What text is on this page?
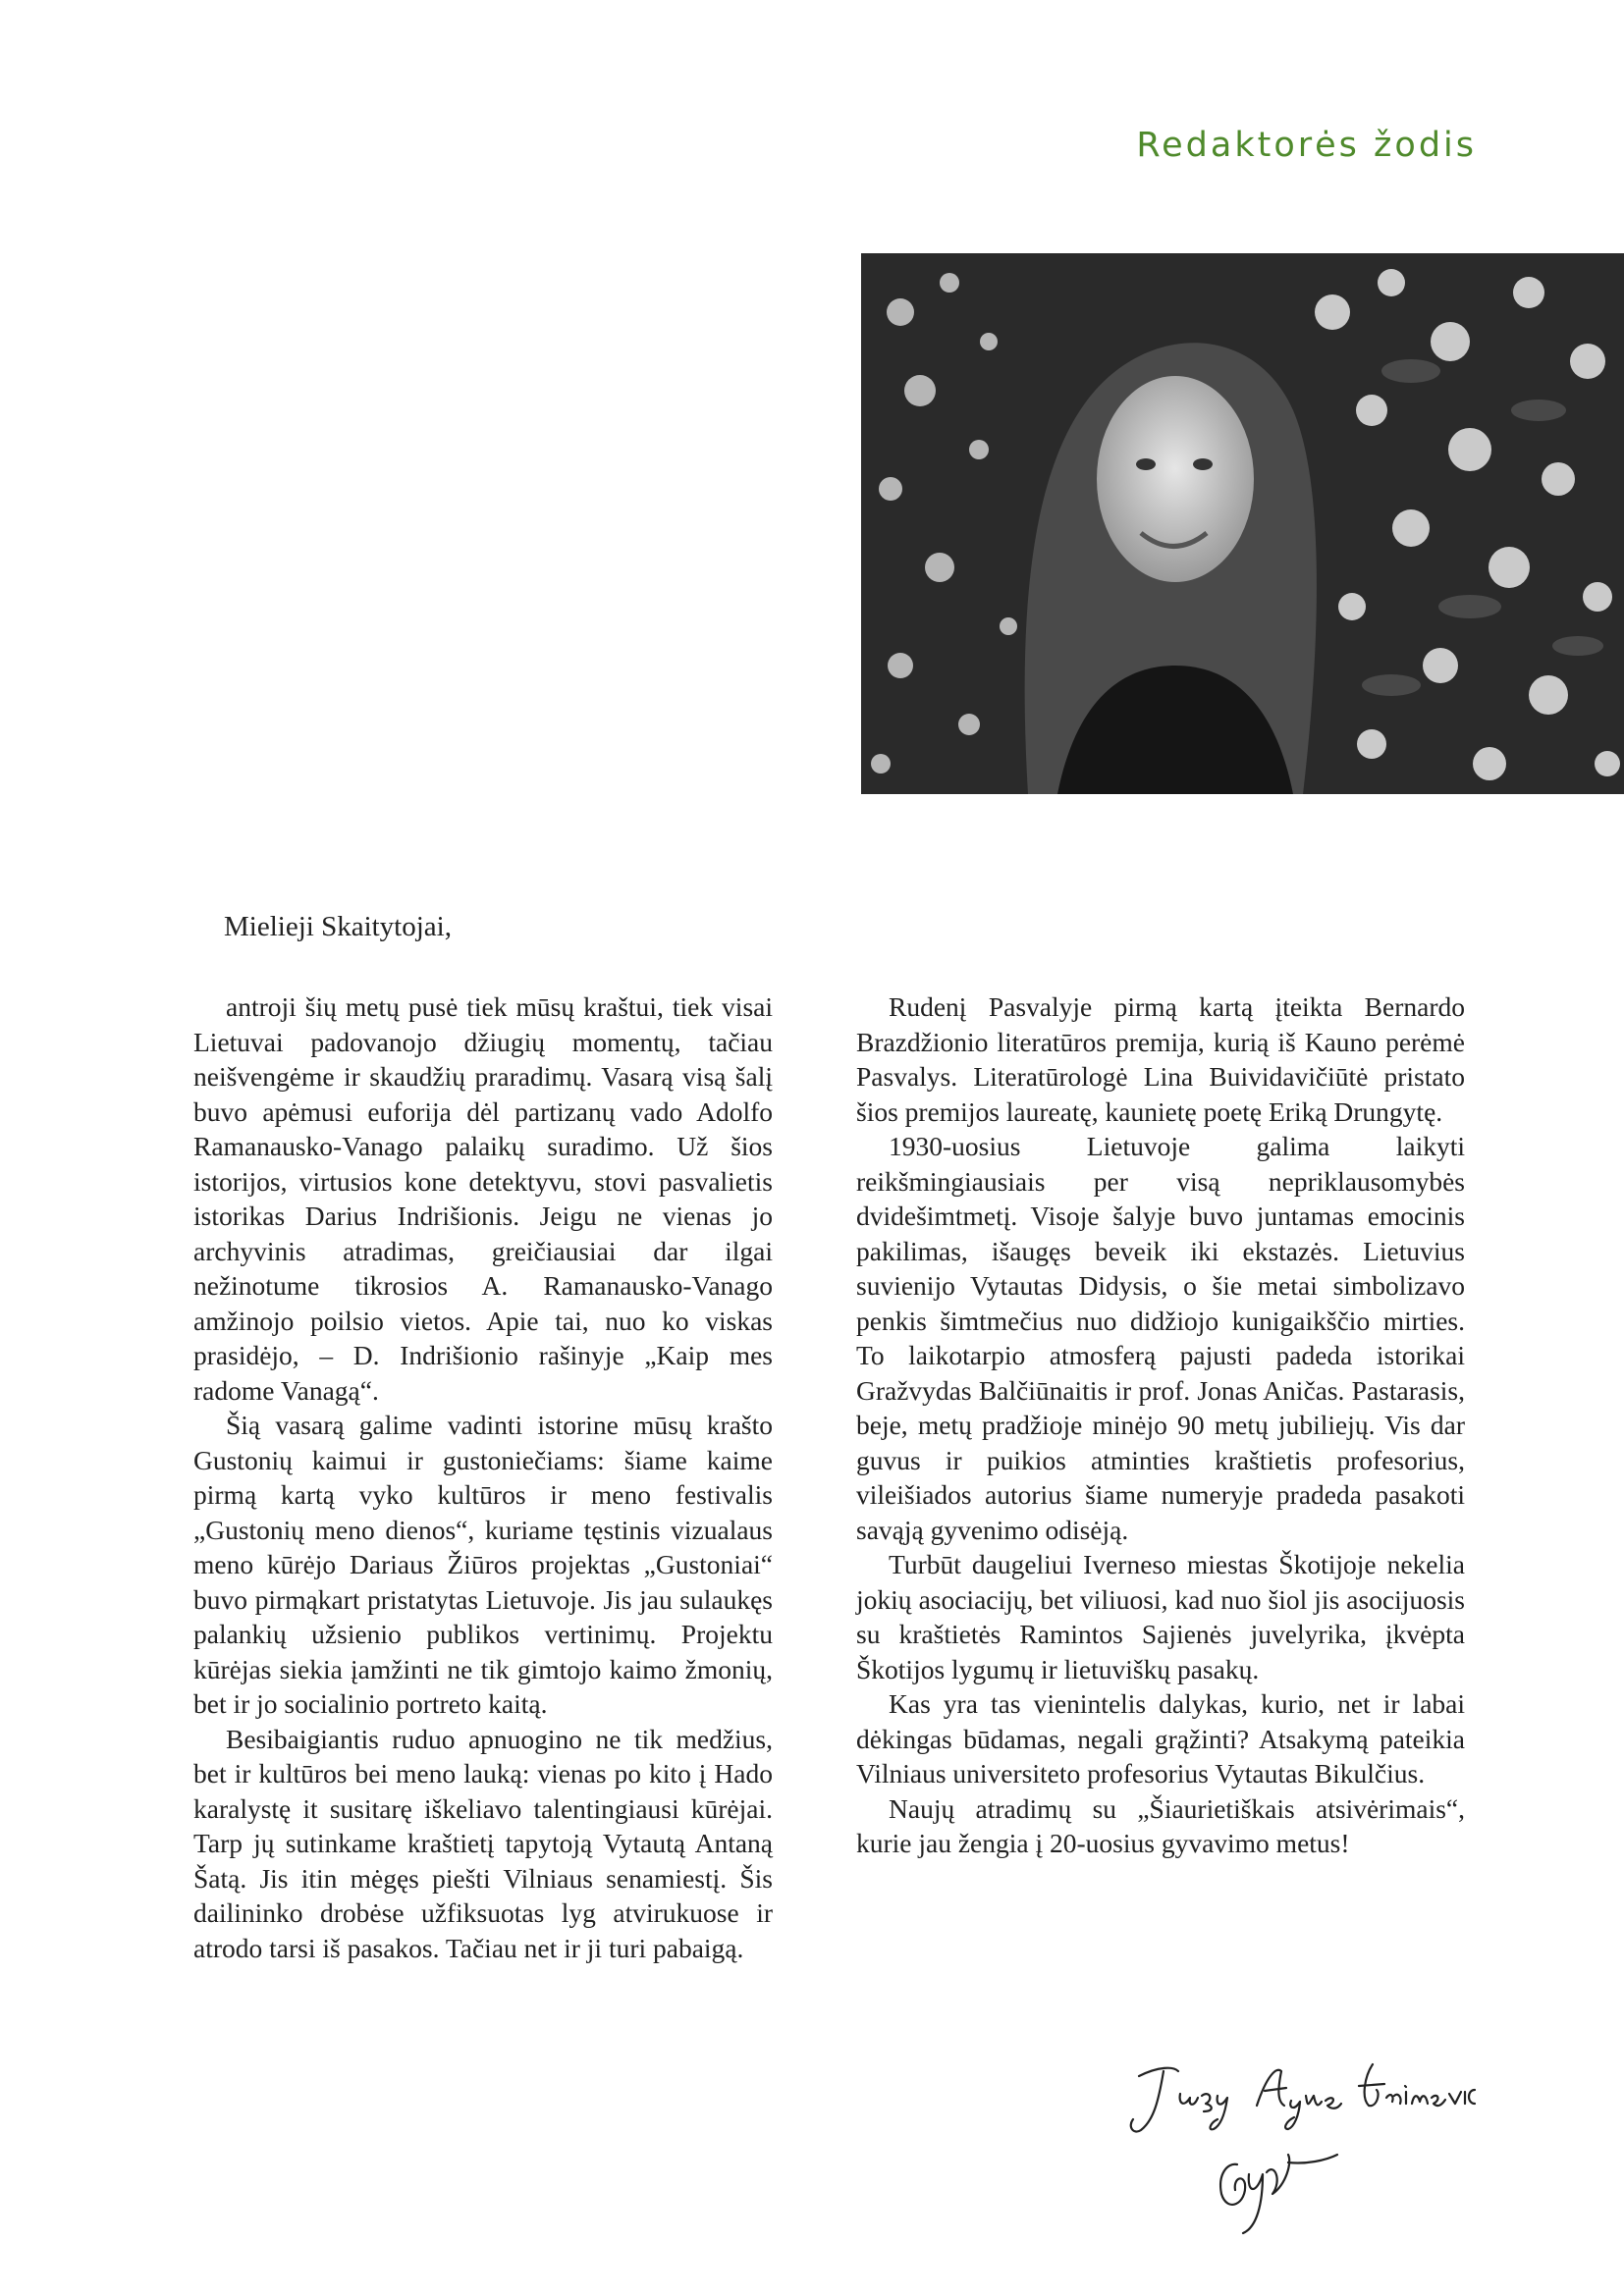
Redaktorės žodis

Mielieji Skaitytojai,

antroji šių metų pusė tiek mūsų kraštui, tiek visai Lietuvai padovanojo džiugių momentų, tačiau neišvengėme ir skaudžių praradimų. Vasarą visą šalį buvo apėmusi euforija dėl partizanų vado Adolfo Ramanausko-Vanago palaikų suradimo. Už šios istorijos, virtusios kone detektyvu, stovi pasvalietis istorikas Darius Indrišionis. Jeigu ne vienas jo archyvinis atradimas, greičiausiai dar ilgai nežinotume tikrosios A. Ramanausko-Vanago amžinojo poilsio vietos. Apie tai, nuo ko viskas prasidėjo, – D. Indrišionio rašinyje „Kaip mes radome Vanagą“.

Šią vasarą galime vadinti istorine mūsų krašto Gustonių kaimui ir gustoniečiams: šiame kaime pirmą kartą vyko kultūros ir meno festivalis „Gustonių meno dienos“, kuriame tęstinis vizualaus meno kūrėjo Dariaus Žiūros projektas „Gustoniai“ buvo pirmąkart pristatytas Lietuvoje. Jis jau sulaukęs palankių užsienio publikos vertinimų. Projektu kūrėjas siekia įamžinti ne tik gimtojo kaimo žmonių, bet ir jo socialinio portreto kaitą.

Besibaigiantis ruduo apnuogino ne tik medžius, bet ir kultūros bei meno lauką: vienas po kito į Hado karalystę it susitarę iškeliavo talentingiausi kūrėjai. Tarp jų sutinkame kraštietį tapytoją Vytautą Antaną Šatą. Jis itin mėgęs piešti Vilniaus senamiestį. Šis dailininko drobėse užfiksuotas lyg atvirukuose ir atrodo tarsi iš pasakos. Tačiau net ir ji turi pabaigą.

Rudenį Pasvalyje pirmą kartą įteikta Bernardo Brazdžionio literatūros premija, kurią iš Kauno perėmė Pasvalys. Literatūrologė Lina Buividavičiūtė pristato šios premijos laureatę, kaunietę poetę Eriką Drungytę.

1930-uosius Lietuvoje galima laikyti reikšmingiausiais per visą nepriklausomybės dvidešimtmetį. Visoje šalyje buvo juntamas emocinis pakilimas, išaugęs beveik iki ekstazės. Lietuvius suvienijo Vytautas Didysis, o šie metai simbolizavo penkis šimtmečius nuo didžiojo kunigaikščio mirties. To laikotarpio atmosferą pajusti padeda istorikai Gražvydas Balčiūnaitis ir prof. Jonas Aničas. Pastarasis, beje, metų pradžioje minėjo 90 metų jubiliejų. Vis dar guvus ir puikios atminties kraštietis profesorius, vileišiados autorius šiame numeryje pradeda pasakoti savąją gyvenimo odisėją.

Turbūt daugeliui Iverneso miestas Škotijoje nekelia jokių asociacijų, bet viliuosi, kad nuo šiol jis asocijuosis su kraštietės Ramintos Sajienės juvelyrika, įkvėpta Škotijos lygumų ir lietuviškų pasakų.

Kas yra tas vienintelis dalykas, kurio, net ir labai dėkingas būdamas, negali grąžinti? Atsakymą pateikia Vilniaus universiteto profesorius Vytautas Bikulčius.

Naujų atradimų su „Šiaurietiškais atsivėrimais“, kurie jau žengia į 20-uosius gyvavimo metus!
